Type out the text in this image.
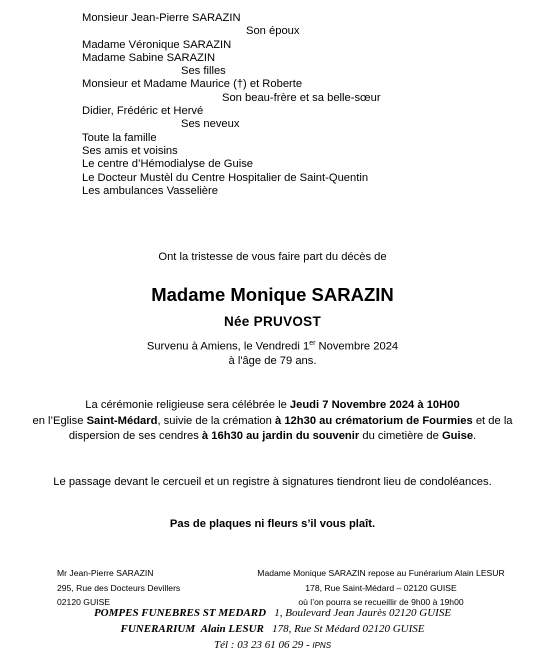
Monsieur Jean-Pierre SARAZIN
Son époux
Madame Véronique SARAZIN
Madame Sabine SARAZIN
Ses filles
Monsieur et Madame Maurice (†) et Roberte
Son beau-frère et sa belle-sœur
Didier, Frédéric et Hervé
Ses neveux
Toute la famille
Ses amis et voisins
Le centre d’Hémodialyse de Guise
Le Docteur Mustèl du Centre Hospitalier de Saint-Quentin
Les ambulances Vasselière
Ont la tristesse de vous faire part du décès de
Madame Monique SARAZIN
Née PRUVOST
Survenu à Amiens, le Vendredi 1er Novembre 2024
à l'âge de 79 ans.
La cérémonie religieuse sera célébrée le Jeudi 7 Novembre 2024 à 10H00
en l’Eglise Saint-Médard, suivie de la crémation à 12h30 au crématorium de Fourmies et de la
dispersion de ses cendres à 16h30 au jardin du souvenir du cimetière de Guise.
Le passage devant le cercueil et un registre à signatures tiendront lieu de condoléances.
Pas de plaques ni fleurs s’il vous plaît.
Mr Jean-Pierre SARAZIN
295, Rue des Docteurs Devillers
02120 GUISE
Madame Monique SARAZIN repose au Funérarium Alain LESUR
178, Rue Saint-Médard – 02120 GUISE
où l’on pourra se recueillir de 9h00 à 19h00
POMPES FUNEBRES ST MEDARD 1, Boulevard Jean Jaurès 02120 GUISE
FUNERARIUM Alain LESUR 178, Rue St Médard 02120 GUISE
Tél : 03 23 61 06 29 - IPNS
